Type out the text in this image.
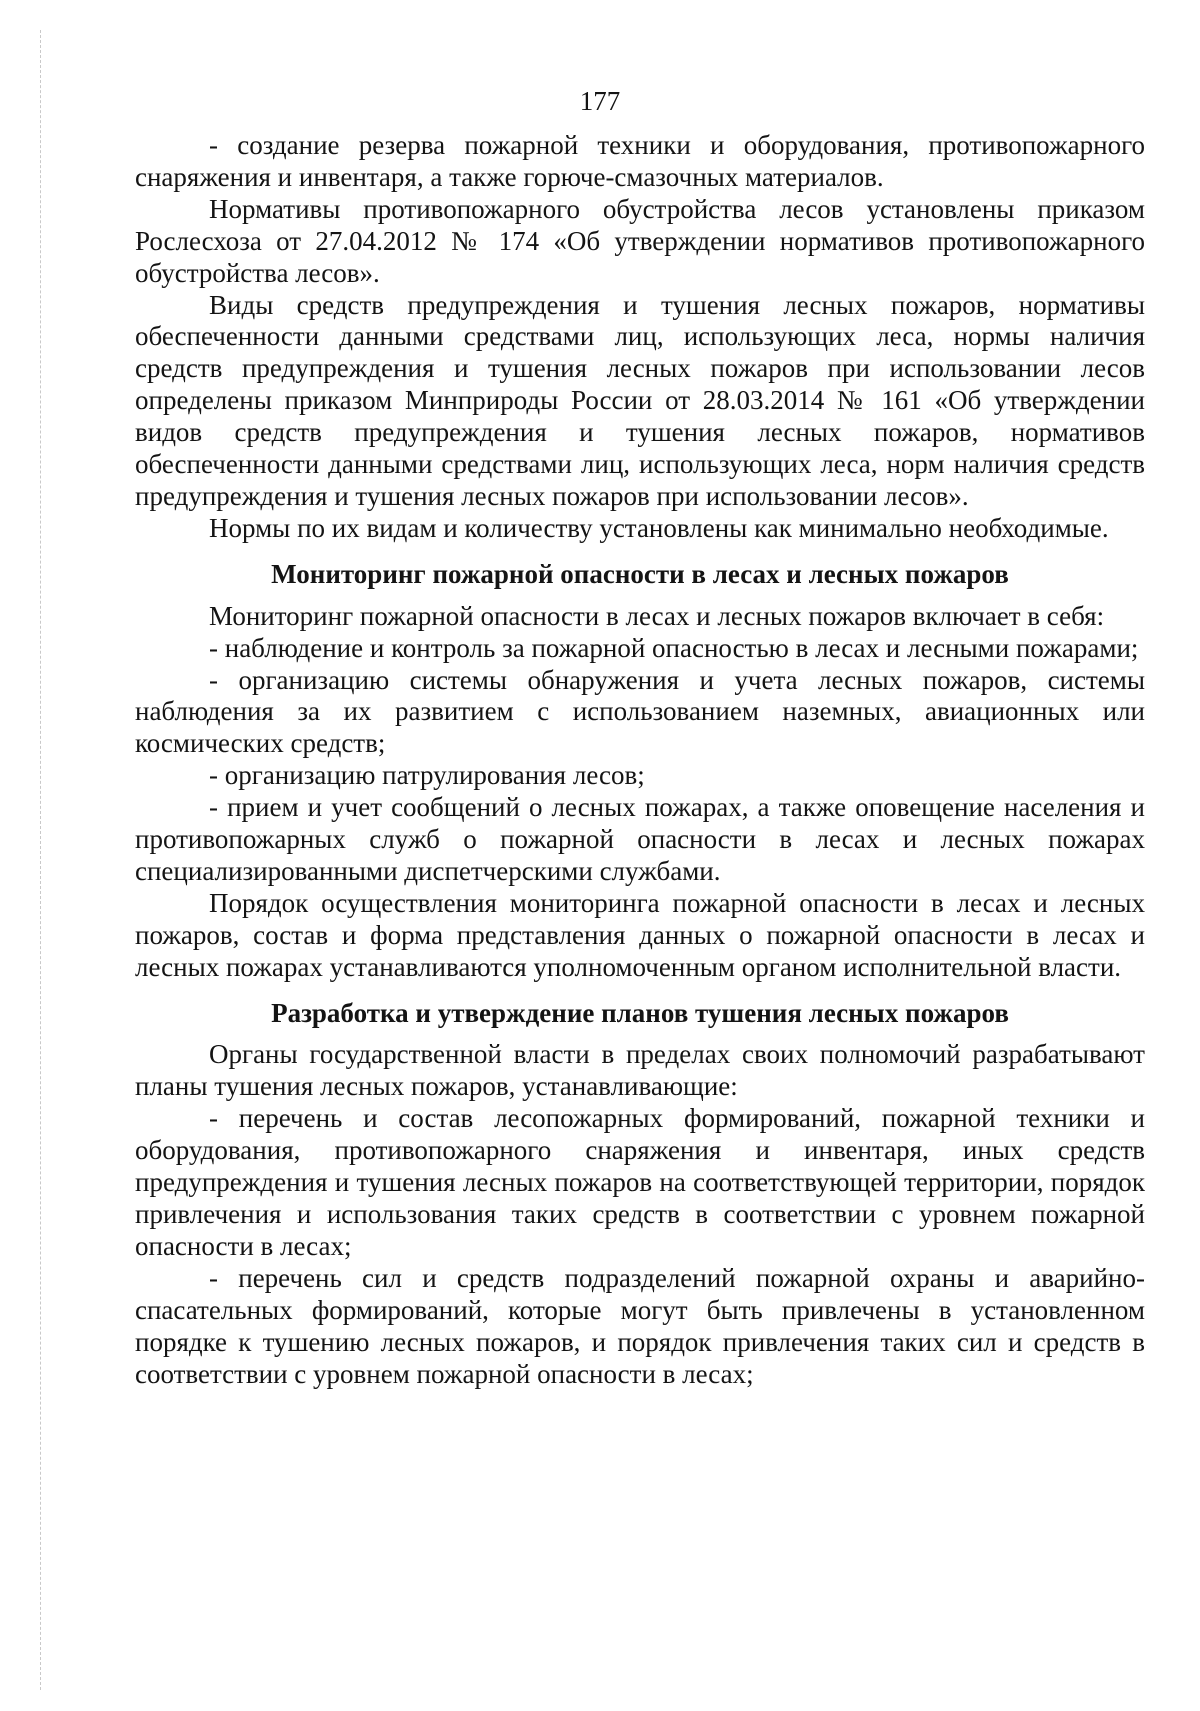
177

- создание резерва пожарной техники и оборудования, противопожарного снаряжения и инвентаря, а также горюче-смазочных материалов.

Нормативы противопожарного обустройства лесов установлены приказом Рослесхоза от 27.04.2012 № 174 «Об утверждении нормативов противопожарного обустройства лесов».

Виды средств предупреждения и тушения лесных пожаров, нормативы обеспеченности данными средствами лиц, использующих леса, нормы наличия средств предупреждения и тушения лесных пожаров при использовании лесов определены приказом Минприроды России от 28.03.2014 № 161 «Об утверждении видов средств предупреждения и тушения лесных пожаров, нормативов обеспеченности данными средствами лиц, использующих леса, норм наличия средств предупреждения и тушения лесных пожаров при использовании лесов».

Нормы по их видам и количеству установлены как минимально необходимые.

Мониторинг пожарной опасности в лесах и лесных пожаров

Мониторинг пожарной опасности в лесах и лесных пожаров включает в себя:

- наблюдение и контроль за пожарной опасностью в лесах и лесными пожарами;

- организацию системы обнаружения и учета лесных пожаров, системы наблюдения за их развитием с использованием наземных, авиационных или космических средств;

- организацию патрулирования лесов;

- прием и учет сообщений о лесных пожарах, а также оповещение населения и противопожарных служб о пожарной опасности в лесах и лесных пожарах специализированными диспетчерскими службами.

Порядок осуществления мониторинга пожарной опасности в лесах и лесных пожаров, состав и форма представления данных о пожарной опасности в лесах и лесных пожарах устанавливаются уполномоченным органом исполнительной власти.

Разработка и утверждение планов тушения лесных пожаров

Органы государственной власти в пределах своих полномочий разрабатывают планы тушения лесных пожаров, устанавливающие:

- перечень и состав лесопожарных формирований, пожарной техники и оборудования, противопожарного снаряжения и инвентаря, иных средств предупреждения и тушения лесных пожаров на соответствующей территории, порядок привлечения и использования таких средств в соответствии с уровнем пожарной опасности в лесах;

- перечень сил и средств подразделений пожарной охраны и аварийно-спасательных формирований, которые могут быть привлечены в установленном порядке к тушению лесных пожаров, и порядок привлечения таких сил и средств в соответствии с уровнем пожарной опасности в лесах;
